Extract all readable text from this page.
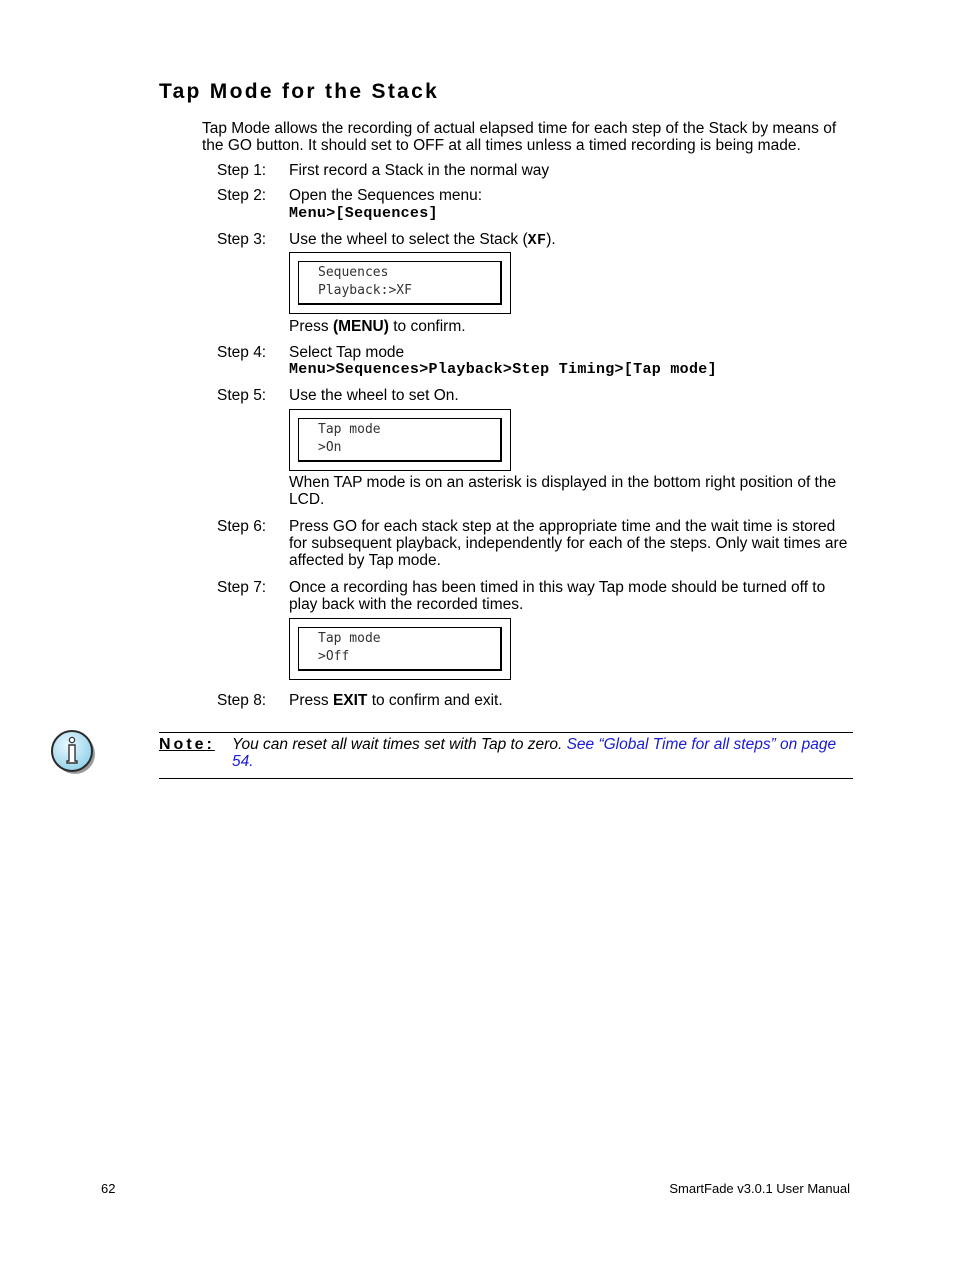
Tap Mode for the Stack
Tap Mode allows the recording of actual elapsed time for each step of the Stack by means of the GO button. It should set to OFF at all times unless a timed recording is being made.
Step 1: First record a Stack in the normal way
Step 2: Open the Sequences menu:
Menu>[Sequences]
Step 3: Use the wheel to select the Stack (XF).
Sequences
Playback:>XF
Press (MENU) to confirm.
Step 4: Select Tap mode
Menu>Sequences>Playback>Step Timing>[Tap mode]
Step 5: Use the wheel to set On.
Tap mode
>On
When TAP mode is on an asterisk is displayed in the bottom right position of the LCD.
Step 6: Press GO for each stack step at the appropriate time and the wait time is stored for subsequent playback, independently for each of the steps. Only wait times are affected by Tap mode.
Step 7: Once a recording has been timed in this way Tap mode should be turned off to play back with the recorded times.
Tap mode
>Off
Step 8: Press EXIT to confirm and exit.
Note: You can reset all wait times set with Tap to zero. See “Global Time for all steps” on page 54.
62	SmartFade v3.0.1 User Manual
